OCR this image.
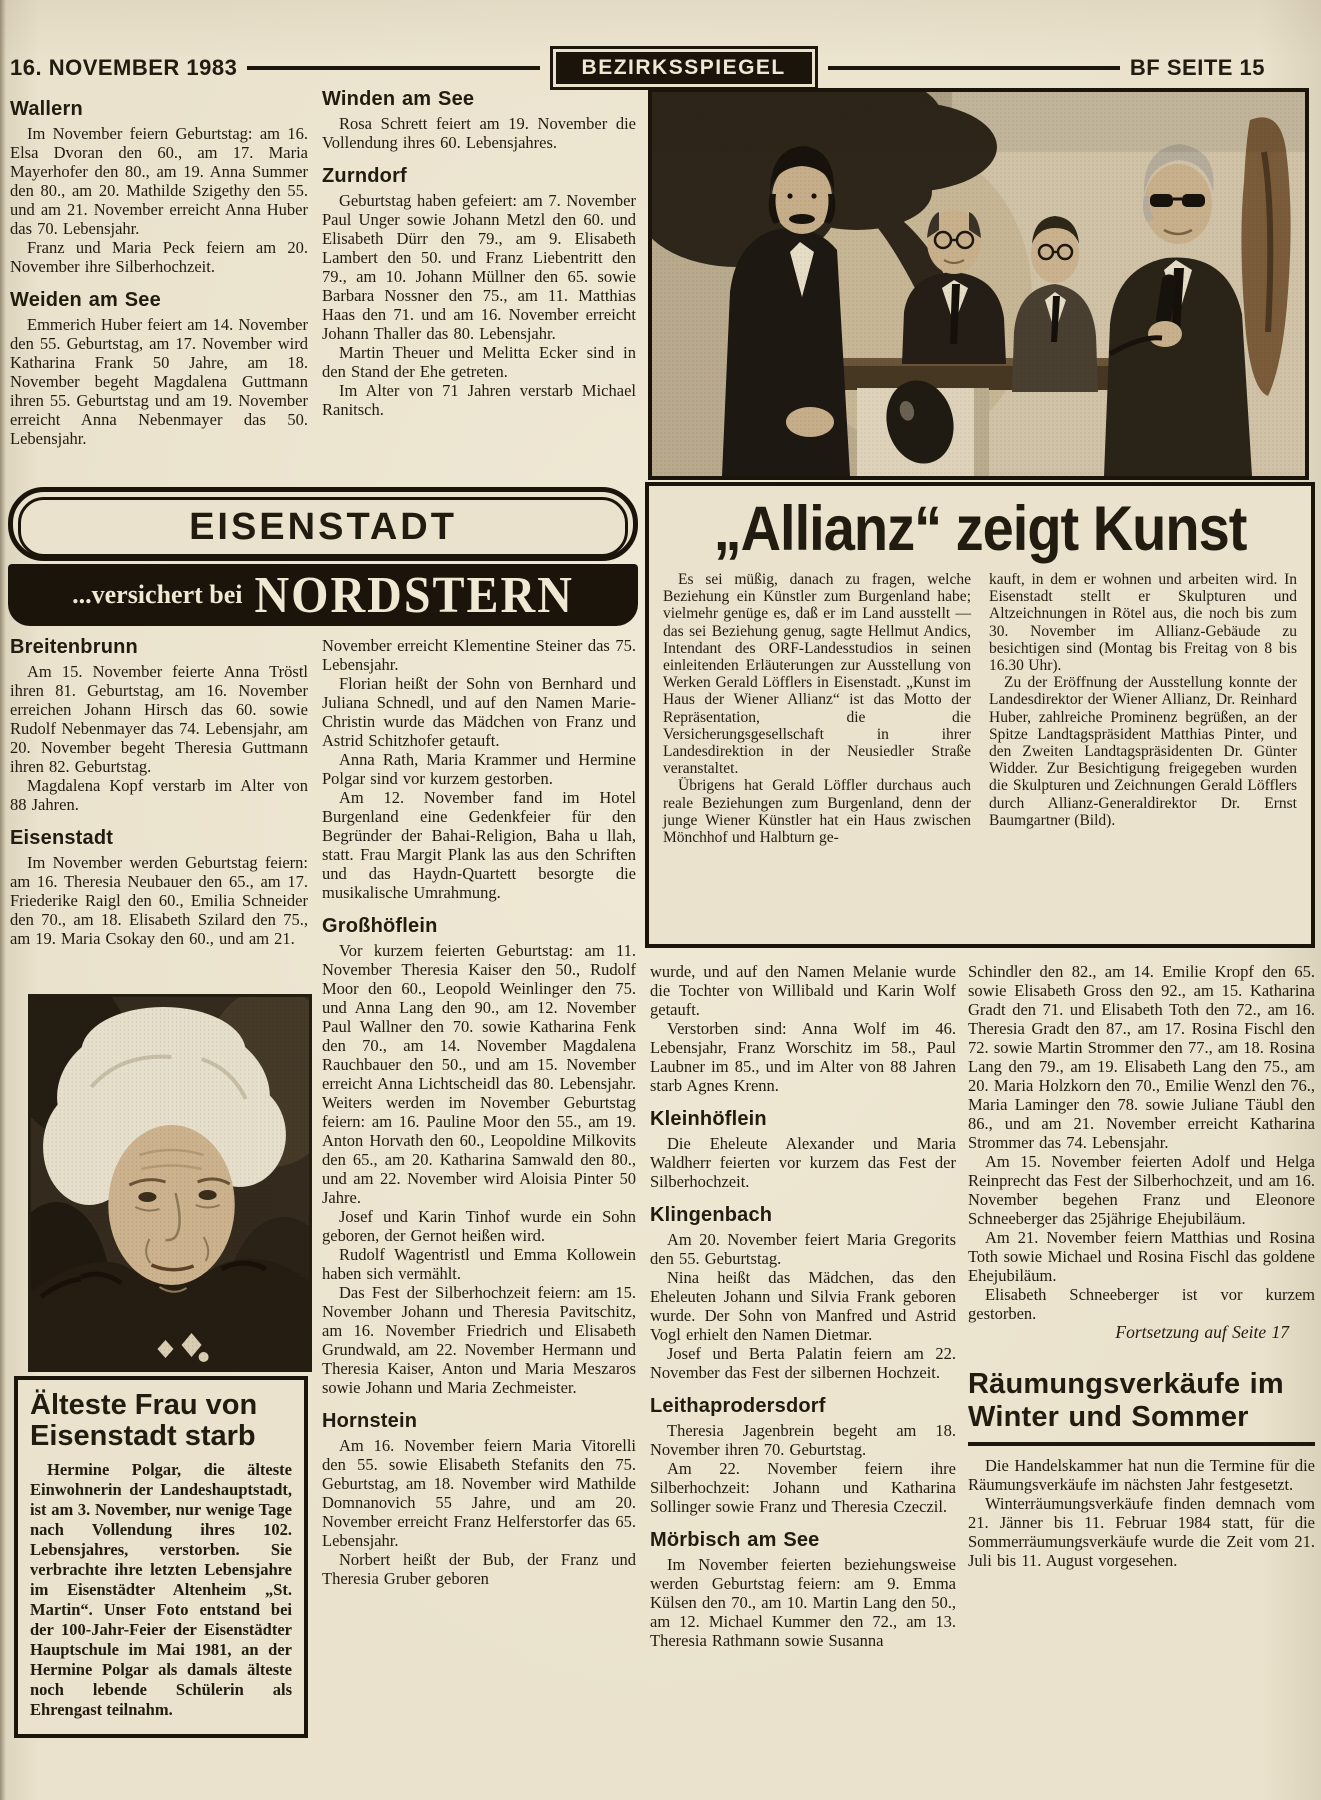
16. NOVEMBER 1983	BEZIRKSSPIEGEL	BF SEITE 15
Wallern

Im November feiern Geburtstag: am 16. Elsa Dvoran den 60., am 17. Maria Mayerhofer den 80., am 19. Anna Summer den 80., am 20. Mathilde Szigethy den 55. und am 21. November erreicht Anna Huber das 70. Lebensjahr.

Franz und Maria Peck feiern am 20. November ihre Silberhochzeit.

Weiden am See

Emmerich Huber feiert am 14. November den 55. Geburtstag, am 17. November wird Katharina Frank 50 Jahre, am 18. November begeht Magdalena Guttmann ihren 55. Geburtstag und am 19. November erreicht Anna Nebenmayer das 50. Lebensjahr.

Winden am See

Rosa Schrett feiert am 19. November die Vollendung ihres 60. Lebensjahres.

Zurndorf

Geburtstag haben gefeiert: am 7. November Paul Unger sowie Johann Metzl den 60. und Elisabeth Dürr den 79., am 9. Elisabeth Lambert den 50. und Franz Liebentritt den 79., am 10. Johann Müllner den 65. sowie Barbara Nossner den 75., am 11. Matthias Haas den 71. und am 16. November erreicht Johann Thaller das 80. Lebensjahr.

Martin Theuer und Melitta Ecker sind in den Stand der Ehe getreten.

Im Alter von 71 Jahren verstarb Michael Ranitsch.

EISENSTADT
...versichert bei NORDSTERN
„Allianz“ zeigt Kunst

Es sei müßig, danach zu fragen, welche Beziehung ein Künstler zum Burgenland habe; vielmehr genüge es, daß er im Land ausstellt — das sei Beziehung genug, sagte Hellmut Andics, Intendant des ORF-Landesstudios in seinen einleitenden Erläuterungen zur Ausstellung von Werken Gerald Löfflers in Eisenstadt. „Kunst im Haus der Wiener Allianz“ ist das Motto der Repräsentation, die die Versicherungsgesellschaft in ihrer Landesdirektion in der Neusiedler Straße veranstaltet.

Übrigens hat Gerald Löffler durchaus auch reale Beziehungen zum Burgenland, denn der junge Wiener Künstler hat ein Haus zwischen Mönchhof und Halbturn ge-

kauft, in dem er wohnen und arbeiten wird. In Eisenstadt stellt er Skulpturen und Altzeichnungen in Rötel aus, die noch bis zum 30. November im Allianz-Gebäude zu besichtigen sind (Montag bis Freitag von 8 bis 16.30 Uhr).

Zu der Eröffnung der Ausstellung konnte der Landesdirektor der Wiener Allianz, Dr. Reinhard Huber, zahlreiche Prominenz begrüßen, an der Spitze Landtagspräsident Matthias Pinter, und den Zweiten Landtagspräsidenten Dr. Günter Widder. Zur Besichtigung freigegeben wurden die Skulpturen und Zeichnungen Gerald Löfflers durch Allianz-Generaldirektor Dr. Ernst Baumgartner (Bild).

Breitenbrunn

Am 15. November feierte Anna Tröstl ihren 81. Geburtstag, am 16. November erreichen Johann Hirsch das 60. sowie Rudolf Nebenmayer das 74. Lebensjahr, am 20. November begeht Theresia Guttmann ihren 82. Geburtstag.

Magdalena Kopf verstarb im Alter von 88 Jahren.

Eisenstadt

Im November werden Geburtstag feiern: am 16. Theresia Neubauer den 65., am 17. Friederike Raigl den 60., Emilia Schneider den 70., am 18. Elisabeth Szilard den 75., am 19. Maria Csokay den 60., und am 21.

Älteste Frau von Eisenstadt starb

Hermine Polgar, die älteste Einwohnerin der Landeshauptstadt, ist am 3. November, nur wenige Tage nach Vollendung ihres 102. Lebensjahres, verstorben. Sie verbrachte ihre letzten Lebensjahre im Eisenstädter Altenheim „St. Martin“. Unser Foto entstand bei der 100-Jahr-Feier der Eisenstädter Hauptschule im Mai 1981, an der Hermine Polgar als damals älteste noch lebende Schülerin als Ehrengast teilnahm.

November erreicht Klementine Steiner das 75. Lebensjahr.

Florian heißt der Sohn von Bernhard und Juliana Schnedl, und auf den Namen Marie-Christin wurde das Mädchen von Franz und Astrid Schitzhofer getauft.

Anna Rath, Maria Krammer und Hermine Polgar sind vor kurzem gestorben.

Am 12. November fand im Hotel Burgenland eine Gedenkfeier für den Begründer der Bahai-Religion, Baha u llah, statt. Frau Margit Plank las aus den Schriften und das Haydn-Quartett besorgte die musikalische Umrahmung.

Großhöflein

Vor kurzem feierten Geburtstag: am 11. November Theresia Kaiser den 50., Rudolf Moor den 60., Leopold Weinlinger den 75. und Anna Lang den 90., am 12. November Paul Wallner den 70. sowie Katharina Fenk den 70., am 14. November Magdalena Rauchbauer den 50., und am 15. November erreicht Anna Lichtscheidl das 80. Lebensjahr. Weiters werden im November Geburtstag feiern: am 16. Pauline Moor den 55., am 19. Anton Horvath den 60., Leopoldine Milkovits den 65., am 20. Katharina Samwald den 80., und am 22. November wird Aloisia Pinter 50 Jahre.

Josef und Karin Tinhof wurde ein Sohn geboren, der Gernot heißen wird.

Rudolf Wagentristl und Emma Kollowein haben sich vermählt.

Das Fest der Silberhochzeit feiern: am 15. November Johann und Theresia Pavitschitz, am 16. November Friedrich und Elisabeth Grundwald, am 22. November Hermann und Theresia Kaiser, Anton und Maria Meszaros sowie Johann und Maria Zechmeister.

Hornstein

Am 16. November feiern Maria Vitorelli den 55. sowie Elisabeth Stefanits den 75. Geburtstag, am 18. November wird Mathilde Domnanovich 55 Jahre, und am 20. November erreicht Franz Helferstorfer das 65. Lebensjahr.

Norbert heißt der Bub, der Franz und Theresia Gruber geboren

wurde, und auf den Namen Melanie wurde die Tochter von Willibald und Karin Wolf getauft.

Verstorben sind: Anna Wolf im 46. Lebensjahr, Franz Worschitz im 58., Paul Laubner im 85., und im Alter von 88 Jahren starb Agnes Krenn.

Kleinhöflein

Die Eheleute Alexander und Maria Waldherr feierten vor kurzem das Fest der Silberhochzeit.

Klingenbach

Am 20. November feiert Maria Gregorits den 55. Geburtstag.

Nina heißt das Mädchen, das den Eheleuten Johann und Silvia Frank geboren wurde. Der Sohn von Manfred und Astrid Vogl erhielt den Namen Dietmar.

Josef und Berta Palatin feiern am 22. November das Fest der silbernen Hochzeit.

Leithaprodersdorf

Theresia Jagenbrein begeht am 18. November ihren 70. Geburtstag.

Am 22. November feiern ihre Silberhochzeit: Johann und Katharina Sollinger sowie Franz und Theresia Czeczil.

Mörbisch am See

Im November feierten beziehungsweise werden Geburtstag feiern: am 9. Emma Külsen den 70., am 10. Martin Lang den 50., am 12. Michael Kummer den 72., am 13. Theresia Rathmann sowie Susanna

Schindler den 82., am 14. Emilie Kropf den 65. sowie Elisabeth Gross den 92., am 15. Katharina Gradt den 71. und Elisabeth Toth den 72., am 16. Theresia Gradt den 87., am 17. Rosina Fischl den 72. sowie Martin Strommer den 77., am 18. Rosina Lang den 79., am 19. Elisabeth Lang den 75., am 20. Maria Holzkorn den 70., Emilie Wenzl den 76., Maria Laminger den 78. sowie Juliane Täubl den 86., und am 21. November erreicht Katharina Strommer das 74. Lebensjahr.

Am 15. November feierten Adolf und Helga Reinprecht das Fest der Silberhochzeit, und am 16. November begehen Franz und Eleonore Schneeberger das 25jährige Ehejubiläum.

Am 21. November feiern Matthias und Rosina Toth sowie Michael und Rosina Fischl das goldene Ehejubiläum.

Elisabeth Schneeberger ist vor kurzem gestorben.

Fortsetzung auf Seite 17

Räumungsverkäufe im
Winter und Sommer

Die Handelskammer hat nun die Termine für die Räumungsverkäufe im nächsten Jahr festgesetzt.

Winterräumungsverkäufe finden demnach vom 21. Jänner bis 11. Februar 1984 statt, für die Sommerräumungsverkäufe wurde die Zeit vom 21. Juli bis 11. August vorgesehen.
